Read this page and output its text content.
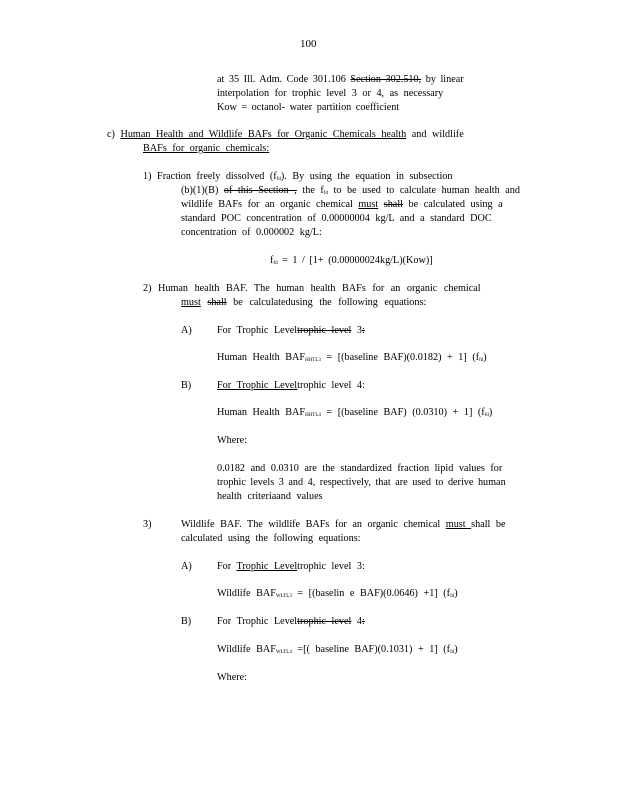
100
at 35 Ill. Adm. Code 301.106 Section 302.510, by linear
interpolation for trophic level 3 or 4, as necessary
Kow = octanol- water partition coefficient
c) Human Health and Wildlife BAFs for Organic Chemicals health and wildlife
BAFs for organic chemicals:
1) Fraction freely dissolved (ffd). By using the equation in subsection
(b)(1)(B) of this Section , the ffd to be used to calculate human health and
wildlife BAFs for an organic chemical must shall be calculated using a
standard POC concentration of 0.00000004 kg/L and a standard DOC
concentration of 0.000002 kg/L:
ffd = 1 / [1+ (0.00000024kg/L)(Kow)]
2) Human health BAF. The human health BAFs for an organic chemical
must shall be calculatedusing the following equations:
A) For Trophic Leveltrophic level 3:
Human Health BAFHHTL3 = [(baseline BAF)(0.0182) + 1] (ffd)
B)	For Trophic Leveltrophic level 4:
Human Health BAFHHTL4 = [(baseline BAF) (0.0310) + 1] (ffd)
Where:
0.0182 and 0.0310 are the standardized fraction lipid values for
trophic levels 3 and 4, respectively, that are used to derive human
health criteriaand values
3)	Wildlife BAF. The wildlife BAFs for an organic chemical must shall be
calculated using the following equations:
A) For Trophic Leveltrophic level 3:
Wildlife BAFWLTL3 = [(baselin e BAF)(0.0646) +1] (ffd)
B)	For Trophic Leveltrophic level 4:
Wildlife BAFWLTL4 =[( baseline BAF)(0.1031) + 1] (ffd)
Where:
